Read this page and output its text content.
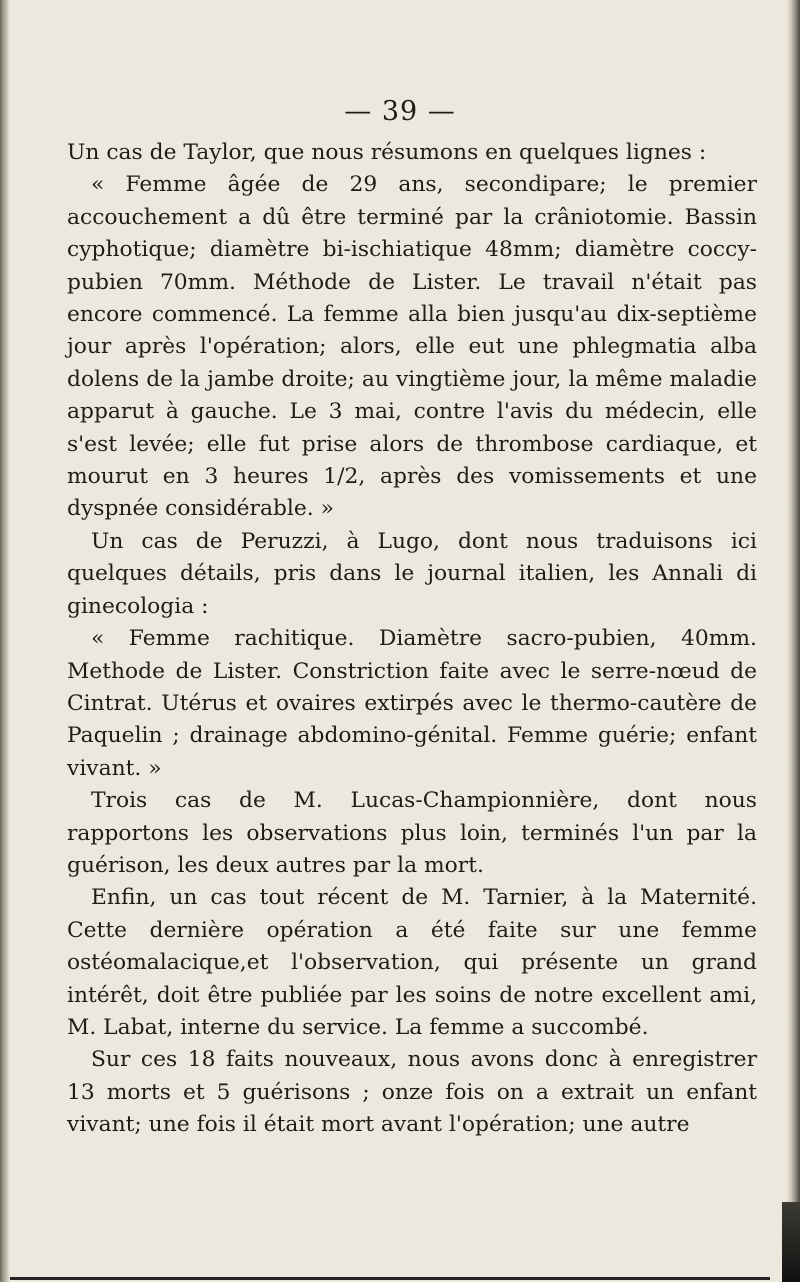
— 39 —

Un cas de Taylor, que nous résumons en quelques lignes :

« Femme âgée de 29 ans, secondipare; le premier accouchement a dû être terminé par la crâniotomie. Bassin cyphotique; diamètre bi-ischiatique 48mm; diamètre coccy-pubien 70mm. Méthode de Lister. Le travail n'était pas encore commencé. La femme alla bien jusqu'au dix-septième jour après l'opération; alors, elle eut une phlegmatia alba dolens de la jambe droite; au vingtième jour, la même maladie apparut à gauche. Le 3 mai, contre l'avis du médecin, elle s'est levée; elle fut prise alors de thrombose cardiaque, et mourut en 3 heures 1/2, après des vomissements et une dyspnée considérable. »

Un cas de Peruzzi, à Lugo, dont nous traduisons ici quelques détails, pris dans le journal italien, les Annali di ginecologia :

« Femme rachitique. Diamètre sacro-pubien, 40mm. Methode de Lister. Constriction faite avec le serre-nœud de Cintrat. Utérus et ovaires extirpés avec le thermo-cautère de Paquelin ; drainage abdomino-génital. Femme guérie; enfant vivant. »

Trois cas de M. Lucas-Championnière, dont nous rapportons les observations plus loin, terminés l'un par la guérison, les deux autres par la mort.

Enfin, un cas tout récent de M. Tarnier, à la Maternité. Cette dernière opération a été faite sur une femme ostéomalacique,et l'observation, qui présente un grand intérêt, doit être publiée par les soins de notre excellent ami, M. Labat, interne du service. La femme a succombé.

Sur ces 18 faits nouveaux, nous avons donc à enregistrer 13 morts et 5 guérisons ; onze fois on a extrait un enfant vivant; une fois il était mort avant l'opération; une autre
